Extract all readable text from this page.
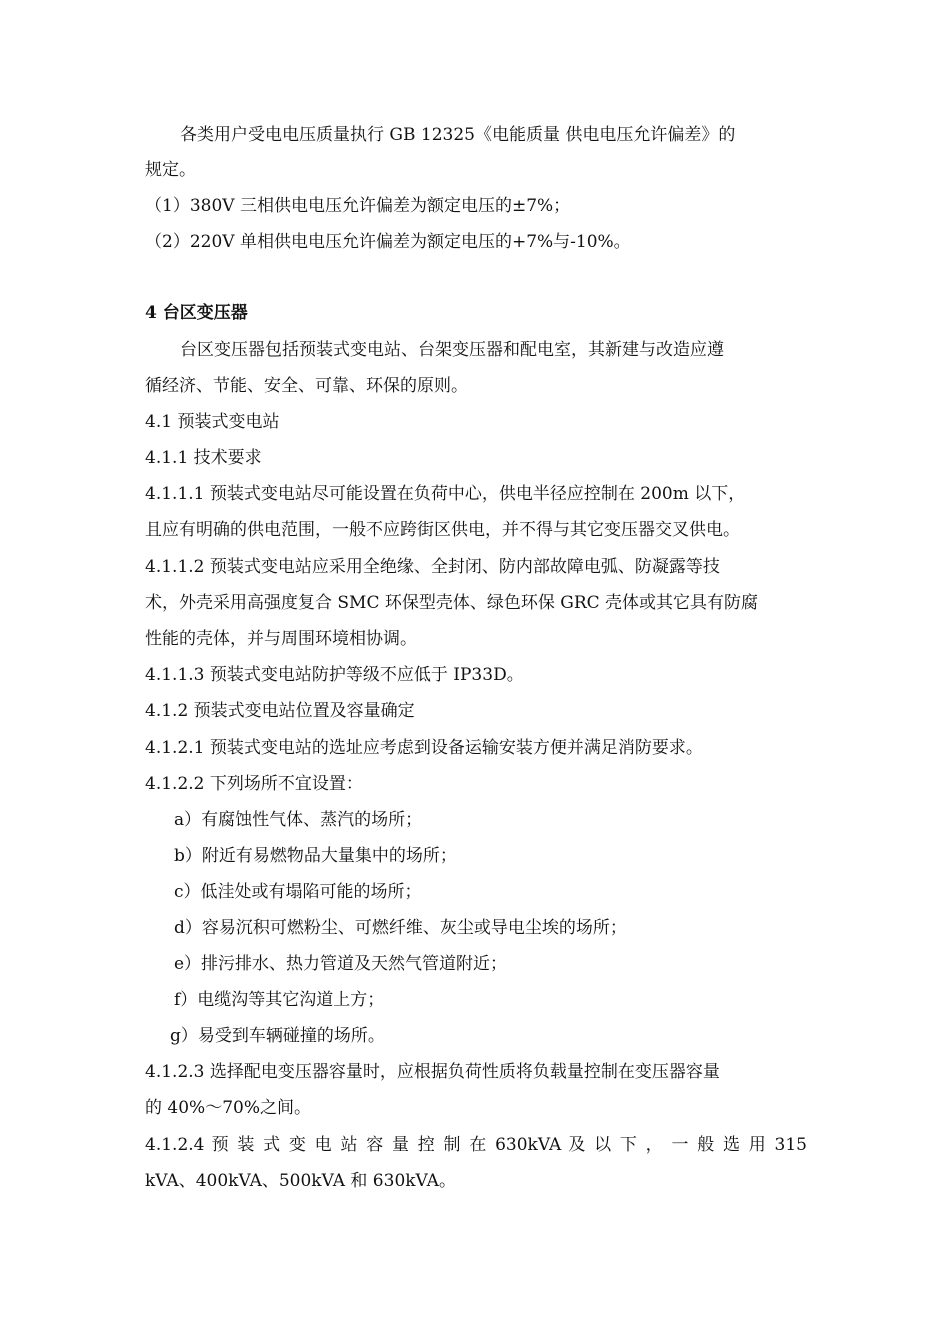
各类用户受电电压质量执行 GB 12325《电能质量 供电电压允许偏差》的
规定。
（1）380V 三相供电电压允许偏差为额定电压的±7%；
（2）220V 单相供电电压允许偏差为额定电压的+7%与-10%。
4 台区变压器
台区变压器包括预装式变电站、台架变压器和配电室，其新建与改造应遵
循经济、节能、安全、可靠、环保的原则。
4.1 预装式变电站
4.1.1 技术要求
4.1.1.1 预装式变电站尽可能设置在负荷中心，供电半径应控制在 200m 以下，
且应有明确的供电范围，一般不应跨街区供电，并不得与其它变压器交叉供电。
4.1.1.2 预装式变电站应采用全绝缘、全封闭、防内部故障电弧、防凝露等技
术，外壳采用高强度复合 SMC 环保型壳体、绿色环保 GRC 壳体或其它具有防腐
性能的壳体，并与周围环境相协调。
4.1.1.3 预装式变电站防护等级不应低于 IP33D。
4.1.2 预装式变电站位置及容量确定
4.1.2.1 预装式变电站的选址应考虑到设备运输安装方便并满足消防要求。
4.1.2.2 下列场所不宜设置：
a）有腐蚀性气体、蒸汽的场所；
b）附近有易燃物品大量集中的场所；
c）低洼处或有塌陷可能的场所；
d）容易沉积可燃粉尘、可燃纤维、灰尘或导电尘埃的场所；
e）排污排水、热力管道及天然气管道附近；
f）电缆沟等其它沟道上方；
g）易受到车辆碰撞的场所。
4.1.2.3 选择配电变压器容量时，应根据负荷性质将负载量控制在变压器容量
的 40%～70%之间。
4.1.2.4 预 装 式 变 电 站 容 量 控 制 在 630kVA 及 以 下 ， 一 般 选 用 315
kVA、400kVA、500kVA 和 630kVA。
